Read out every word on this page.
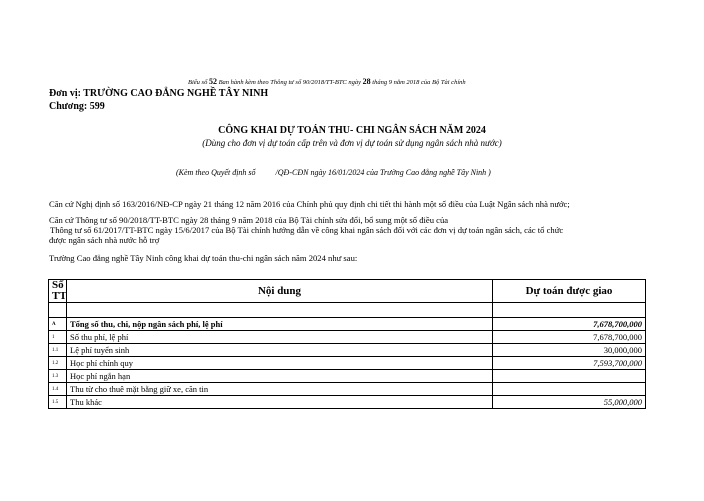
Biểu số 52 Ban hành kèm theo Thông tư số 90/2018/TT-BTC ngày 28 tháng 9 năm 2018 của Bộ Tài chính
Đơn vị: TRƯỜNG CAO ĐẲNG NGHỀ TÂY NINH
Chương: 599
CÔNG KHAI DỰ TOÁN THU- CHI NGÂN SÁCH NĂM 2024
(Dùng cho đơn vị dự toán cấp trên và đơn vị dự toán sử dụng ngân sách nhà nước)
(Kèm theo Quyết định số	/QĐ-CĐN ngày 16/01/2024 của Trường Cao đẳng nghề Tây Ninh )
Căn cứ Nghị định số 163/2016/NĐ-CP ngày 21 tháng 12 năm 2016 của Chính phủ quy định chi tiết thi hành một số điều của Luật Ngân sách nhà nước;
Căn cứ Thông tư số 90/2018/TT-BTC ngày 28 tháng 9 năm 2018 của Bộ Tài chính sửa đổi, bổ sung một số điều của
Thông tư số 61/2017/TT-BTC ngày 15/6/2017 của Bộ Tài chính hướng dẫn về công khai ngân sách đối với các đơn vị dự toán ngân sách, các tổ chức
được ngân sách nhà nước hỗ trợ
Trường Cao đẳng nghề Tây Ninh công khai dự toán thu-chi ngân sách năm 2024 như sau:
Số TT	Nội dung	Dự toán được giao

A	Tổng số thu, chi, nộp ngân sách phí, lệ phí	7,678,700,000
1	Số thu phí, lệ phí	7,678,700,000
1.1	Lệ phí tuyển sinh	30,000,000
1.2	Học phí chính quy	7,593,700,000
1.3	Học phí ngắn hạn	
1.4	Thu từ cho thuê mặt bằng giữ xe, căn tin	
1.5	Thu khác	55,000,000
